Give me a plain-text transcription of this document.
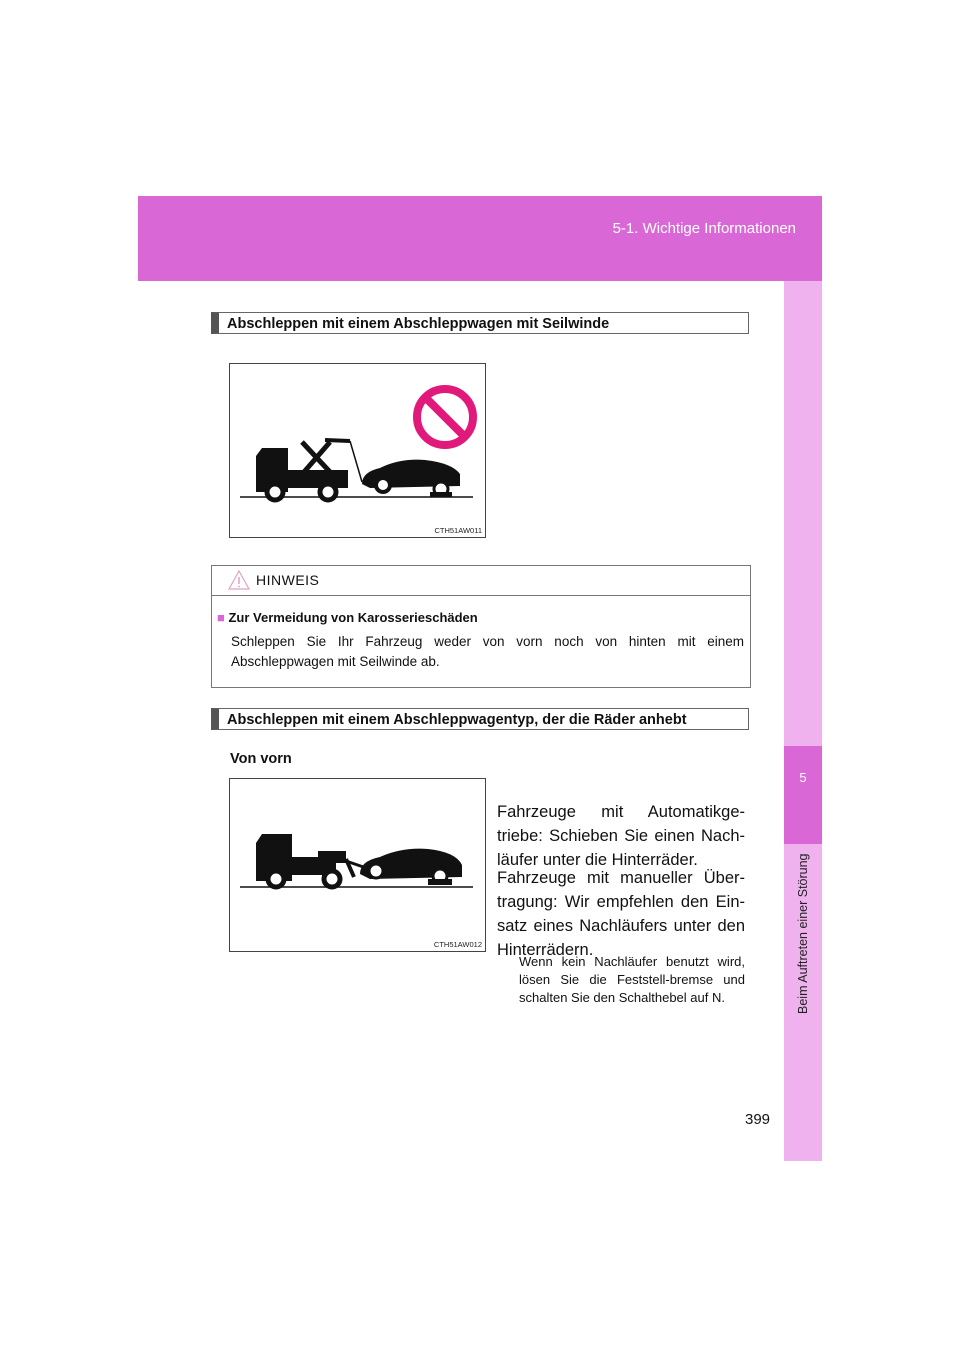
5-1. Wichtige Informationen
5
Beim Auftreten einer Störung
Abschleppen mit einem Abschleppwagen mit Seilwinde
CTH51AW011
HINWEIS
■ Zur Vermeidung von Karosserieschäden
Schleppen Sie Ihr Fahrzeug weder von vorn noch von hinten mit einem Abschleppwagen mit Seilwinde ab.
Abschleppen mit einem Abschleppwagentyp, der die Räder anhebt
Von vorn
CTH51AW012
Fahrzeuge mit Automatikge-triebe: Schieben Sie einen Nach-läufer unter die Hinterräder.
Fahrzeuge mit manueller Über-tragung: Wir empfehlen den Ein-satz eines Nachläufers unter den Hinterrädern.
Wenn kein Nachläufer benutzt wird, lösen Sie die Feststell-bremse und schalten Sie den Schalthebel auf N.
399
